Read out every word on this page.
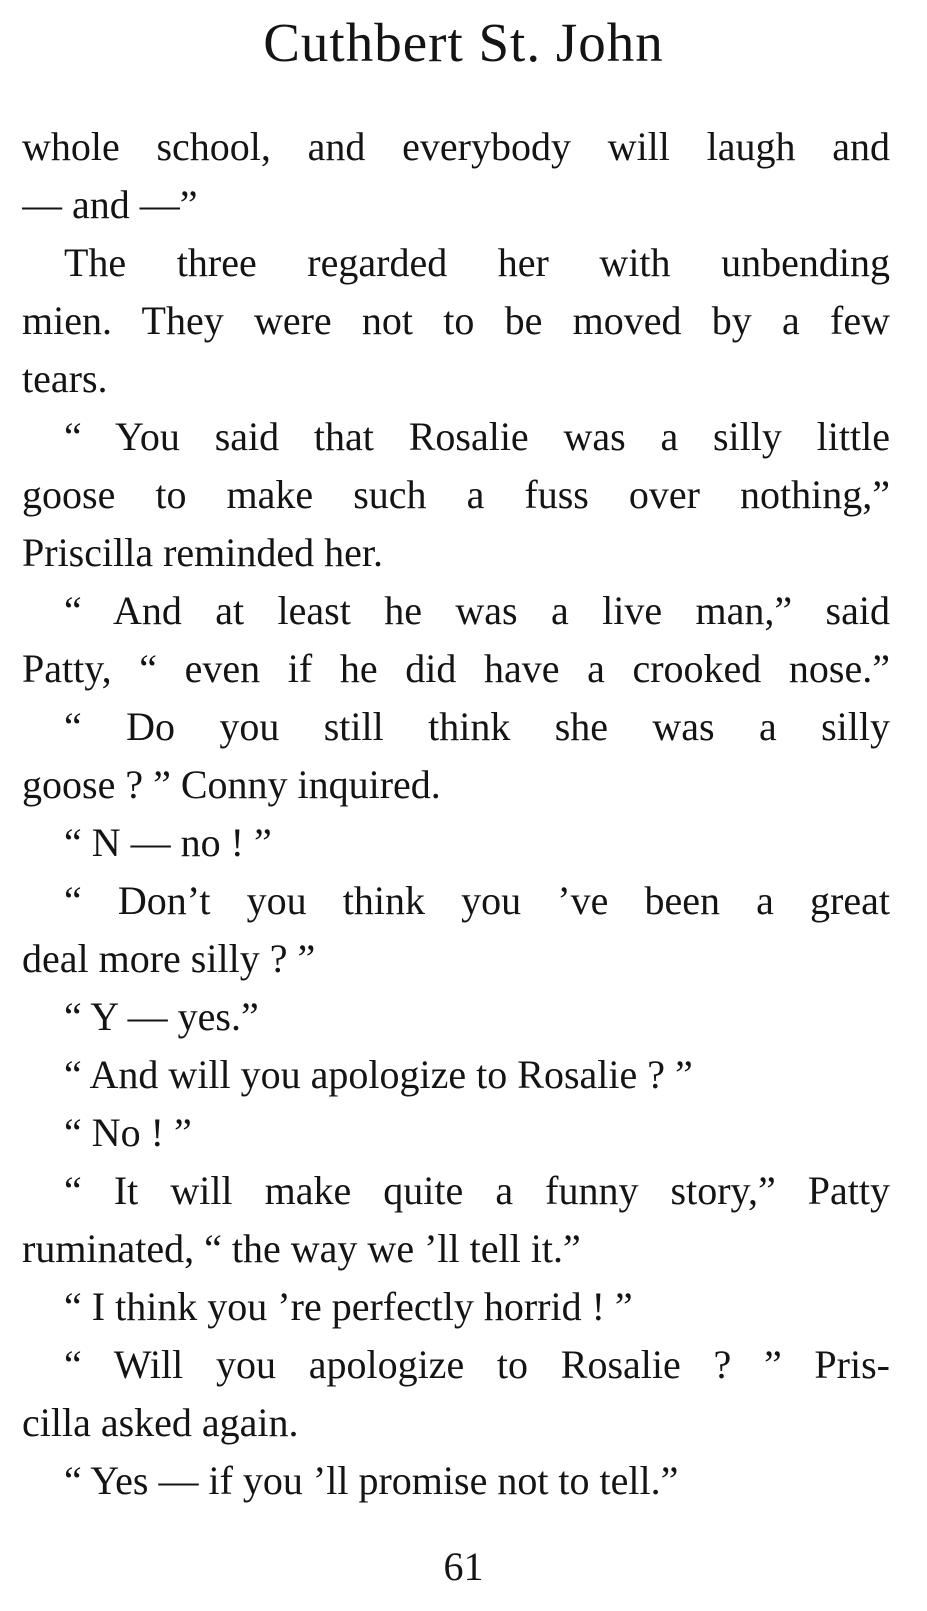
Cuthbert St. John
whole school, and everybody will laugh and
— and —”
The three regarded her with unbending
mien. They were not to be moved by a few
tears.
“ You said that Rosalie was a silly little
goose to make such a fuss over nothing,”
Priscilla reminded her.
“ And at least he was a live man,” said
Patty, “ even if he did have a crooked nose.”
“ Do you still think she was a silly
goose ? ” Conny inquired.
“ N — no ! ”
“ Don’t you think you ’ve been a great
deal more silly ? ”
“ Y — yes.”
“ And will you apologize to Rosalie ? ”
“ No ! ”
“ It will make quite a funny story,” Patty
ruminated, “ the way we ’ll tell it.”
“ I think you ’re perfectly horrid ! ”
“ Will you apologize to Rosalie ? ” Pris-
cilla asked again.
“ Yes — if you ’ll promise not to tell.”
61
